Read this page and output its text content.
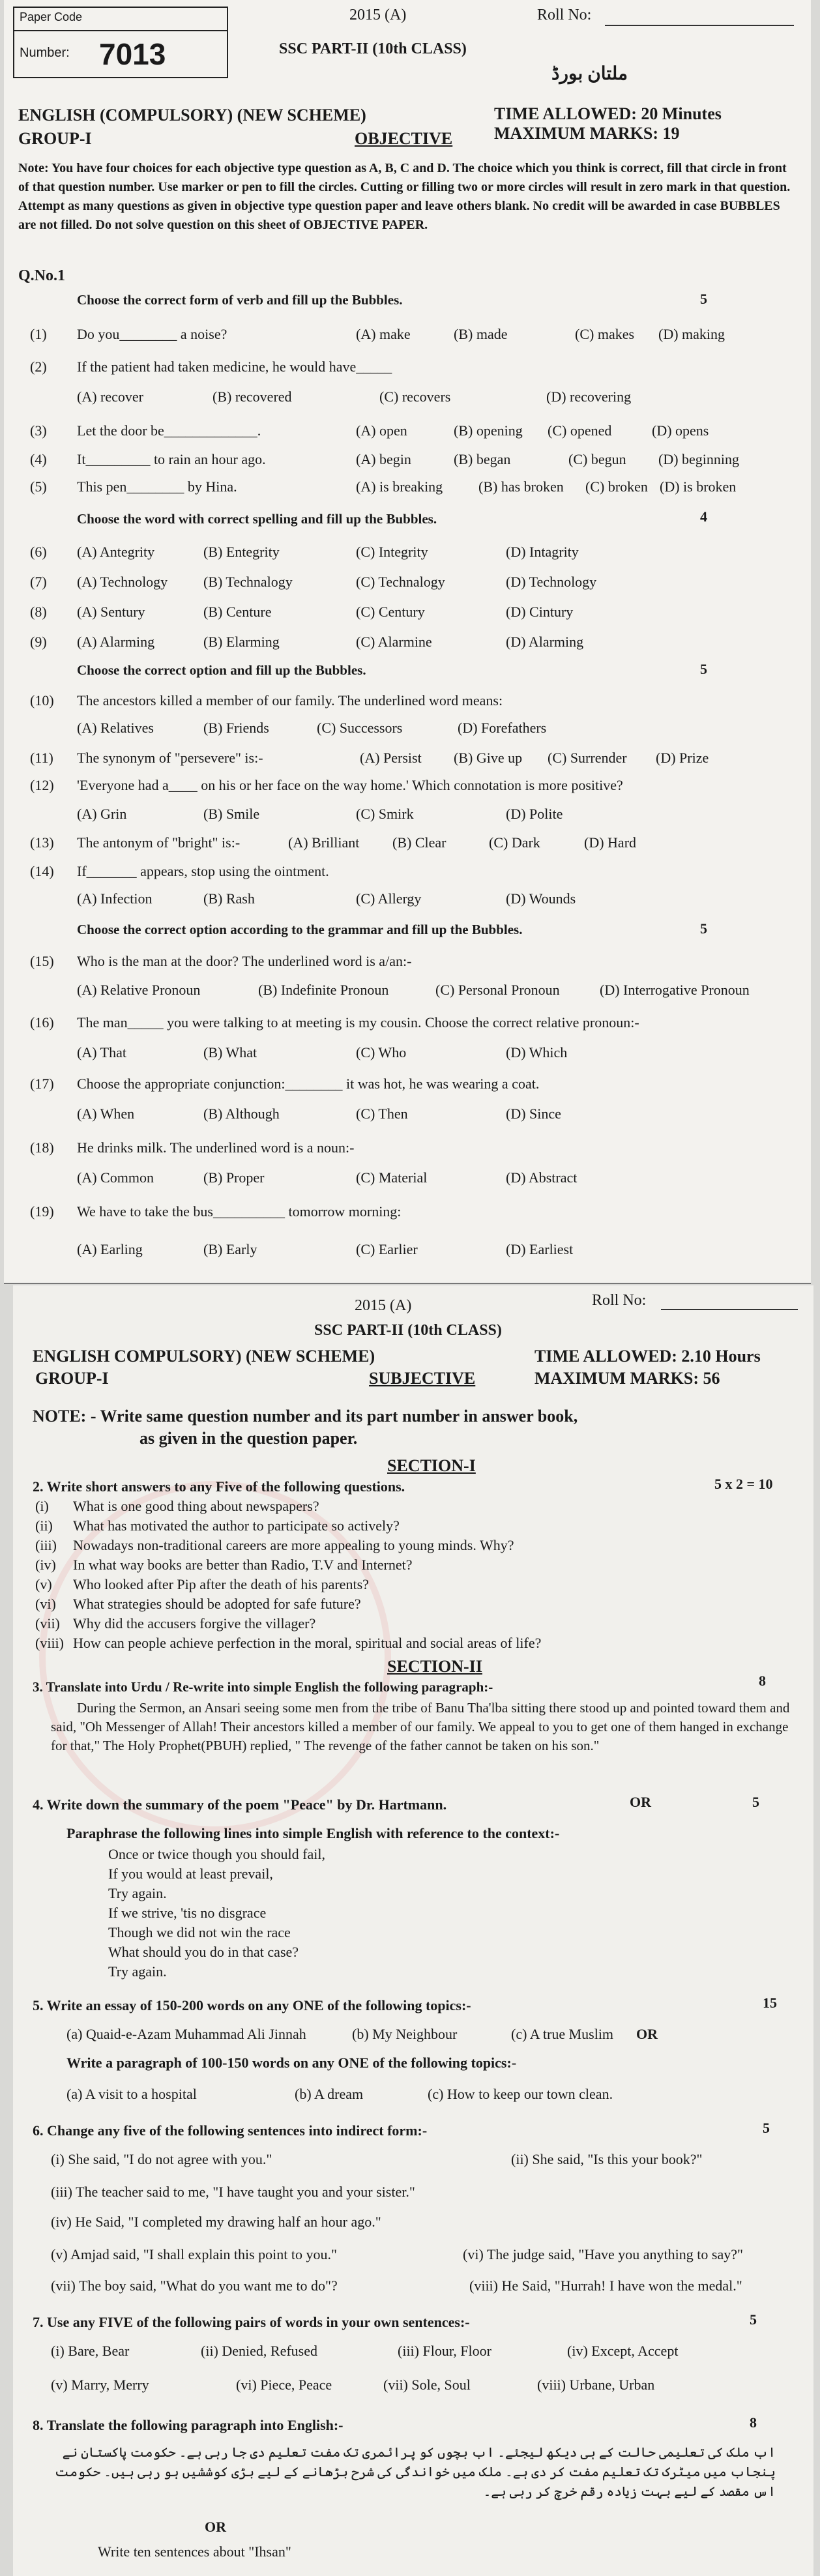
Paper Code
Number: 7013
2015 (A)	Roll No:
SSC PART-II (10th CLASS)
ملتان بورڈ
ENGLISH (COMPULSORY) (NEW SCHEME)	TIME ALLOWED: 20 Minutes
GROUP-I	OBJECTIVE MAXIMUM MARKS: 19
Note: You have four choices for each objective type question as A, B, C and D. The choice which you think is correct, fill that circle in front of that question number. Use marker or pen to fill the circles. Cutting or filling two or more circles will result in zero mark in that question. Attempt as many questions as given in objective type question paper and leave others blank. No credit will be awarded in case BUBBLES are not filled. Do not solve question on this sheet of OBJECTIVE PAPER.
Q.No.1
Choose the correct form of verb and fill up the Bubbles.	5
(1) Do you________ a noise?	(A) make	(B) made	(C) makes (D) making
(2) If the patient had taken medicine, he would have_____
(A) recover	(B) recovered	(C) recovers	(D) recovering
(3) Let the door be_____________.	(A) open	(B) opening (C) opened	(D) opens
(4) It_________ to rain an hour ago.	(A) begin	(B) began	(C) begun (D) beginning
(5) This pen________ by Hina.	(A) is breaking (B) has broken (C) broken (D) is broken
Choose the word with correct spelling and fill up the Bubbles.	4
(6) (A) Antegrity	(B) Entegrity	(C) Integrity	(D) Intagrity
(7) (A) Technology (B) Technalogy	(C) Technalogy	(D) Technology
(8) (A) Sentury	(B) Centure	(C) Century	(D) Cintury
(9) (A) Alarming	(B) Elarming	(C) Alarmine	(D) Alarming
Choose the correct option and fill up the Bubbles.	5
(10) The ancestors killed a member of our family. The underlined word means:
(A) Relatives	(B) Friends	(C) Successors	(D) Forefathers
(11) The synonym of "persevere" is:-	(A) Persist (B) Give up (C) Surrender (D) Prize
(12) 'Everyone had a____ on his or her face on the way home.' Which connotation is more positive?
(A) Grin	(B) Smile	(C) Smirk	(D) Polite
(13) The antonym of "bright" is:-	(A) Brilliant (B) Clear	(C) Dark	(D) Hard
(14) If_______ appears, stop using the ointment.
(A) Infection	(B) Rash	(C) Allergy	(D) Wounds
Choose the correct option according to the grammar and fill up the Bubbles.	5
(15) Who is the man at the door? The underlined word is a/an:-
(A) Relative Pronoun	(B) Indefinite Pronoun	(C) Personal Pronoun	(D) Interrogative Pronoun
(16) The man_____ you were talking to at meeting is my cousin. Choose the correct relative pronoun:-
(A) That	(B) What	(C) Who	(D) Which
(17) Choose the appropriate conjunction:________ it was hot, he was wearing a coat.
(A) When	(B) Although	(C) Then	(D) Since
(18) He drinks milk. The underlined word is a noun:-
(A) Common	(B) Proper	(C) Material	(D) Abstract
(19) We have to take the bus__________ tomorrow morning:
(A) Earling	(B) Early	(C) Earlier	(D) Earliest
2015 (A)	Roll No:
SSC PART-II (10th CLASS)
ENGLISH COMPULSORY) (NEW SCHEME)	TIME ALLOWED: 2.10 Hours
GROUP-I	SUBJECTIVE	MAXIMUM MARKS: 56
NOTE: - Write same question number and its part number in answer book,
as given in the question paper.
SECTION-I
2. Write short answers to any Five of the following questions.	5 x 2 = 10
(i) What is one good thing about newspapers?
(ii) What has motivated the author to participate so actively?
(iii) Nowadays non-traditional careers are more appealing to young minds. Why?
(iv) In what way books are better than Radio, T.V and Internet?
(v) Who looked after Pip after the death of his parents?
(vi) What strategies should be adopted for safe future?
(vii) Why did the accusers forgive the villager?
(viii) How can people achieve perfection in the moral, spiritual and social areas of life?
SECTION-II
3. Translate into Urdu / Re-write into simple English the following paragraph:-	8
During the Sermon, an Ansari seeing some men from the tribe of Banu Tha'lba sitting there stood up and pointed toward them and said, "Oh Messenger of Allah! Their ancestors killed a member of our family. We appeal to you to get one of them hanged in exchange for that," The Holy Prophet(PBUH) replied, " The revenge of the father cannot be taken on his son."
4. Write down the summary of the poem "Peace" by Dr. Hartmann.	OR	5
Paraphrase the following lines into simple English with reference to the context:-
Once or twice though you should fail,
If you would at least prevail,
Try again.
If we strive, 'tis no disgrace
Though we did not win the race
What should you do in that case?
Try again.
5. Write an essay of 150-200 words on any ONE of the following topics:-	15
(a) Quaid-e-Azam Muhammad Ali Jinnah	(b) My Neighbour	(c) A true Muslim OR
Write a paragraph of 100-150 words on any ONE of the following topics:-
(a) A visit to a hospital	(b) A dream	(c) How to keep our town clean.
6. Change any five of the following sentences into indirect form:-	5
(i) She said, "I do not agree with you."	(ii) She said, "Is this your book?"
(iii) The teacher said to me, "I have taught you and your sister."
(iv) He Said, "I completed my drawing half an hour ago."
(v) Amjad said, "I shall explain this point to you."	(vi) The judge said, "Have you anything to say?"
(vii) The boy said, "What do you want me to do"?	(viii) He Said, "Hurrah! I have won the medal."
7. Use any FIVE of the following pairs of words in your own sentences:-	5
(i) Bare, Bear	(ii) Denied, Refused	(iii) Flour, Floor	(iv) Except, Accept
(v) Marry, Merry	(vi) Piece, Peace	(vii) Sole, Soul	(viii) Urbane, Urban
8. Translate the following paragraph into English:-	8
اب ملک کی تعلیمی حالت کے ہی دیکھ لیجئے۔ اب بچوں کو پرائمری تک مفت تعلیم دی جا رہی ہے۔ حکومت پاکستان نے پنجاب میں میٹرک تک تعلیم مفت کر دی ہے۔ ملک میں خواندگی کی شرح بڑھانے کے لیے بڑی کوششیں ہو رہی ہیں۔ حکومت اس مقصد کے لیے بہت زیادہ رقم خرچ کر رہی ہے۔
OR
Write ten sentences about "Ihsan"
